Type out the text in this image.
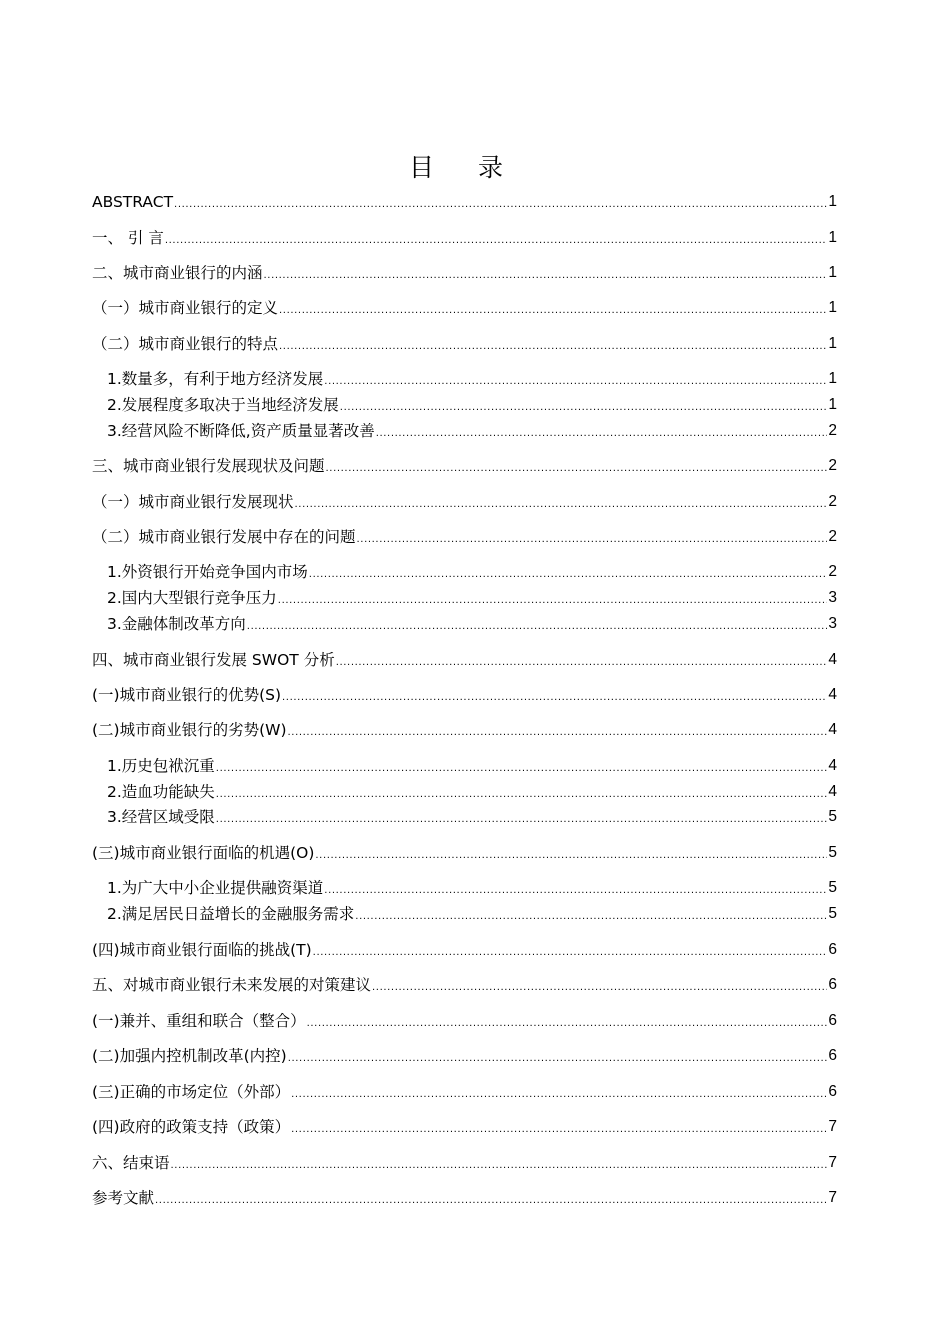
目 录
ABSTRACT .....	1
一、 引 言 .....	1
二、城市商业银行的内涵 .....	1
（一）城市商业银行的定义 .....	1
（二）城市商业银行的特点 .....	1
1.数量多，有利于地方经济发展 .....	1
2.发展程度多取决于当地经济发展 .....	1
3.经营风险不断降低,资产质量显著改善 .....	2
三、城市商业银行发展现状及问题 .....	2
（一）城市商业银行发展现状 .....	2
（二）城市商业银行发展中存在的问题 .....	2
1.外资银行开始竞争国内市场 .....	2
2.国内大型银行竞争压力 .....	3
3.金融体制改革方向 .....	3
四、城市商业银行发展 SWOT 分析 .....	4
(一)城市商业银行的优势(S) .....	4
(二)城市商业银行的劣势(W) .....	4
1.历史包袱沉重 .....	4
2.造血功能缺失 .....	4
3.经营区域受限 .....	5
(三)城市商业银行面临的机遇(O) .....	5
1.为广大中小企业提供融资渠道 .....	5
2.满足居民日益增长的金融服务需求 .....	5
(四)城市商业银行面临的挑战(T) .....	6
五、对城市商业银行未来发展的对策建议 .....	6
(一)兼并、重组和联合（整合） .....	6
(二)加强内控机制改革(内控) .....	6
(三)正确的市场定位（外部） .....	6
(四)政府的政策支持（政策） .....	7
六、结束语 .....	7
参考文献 .....	7
